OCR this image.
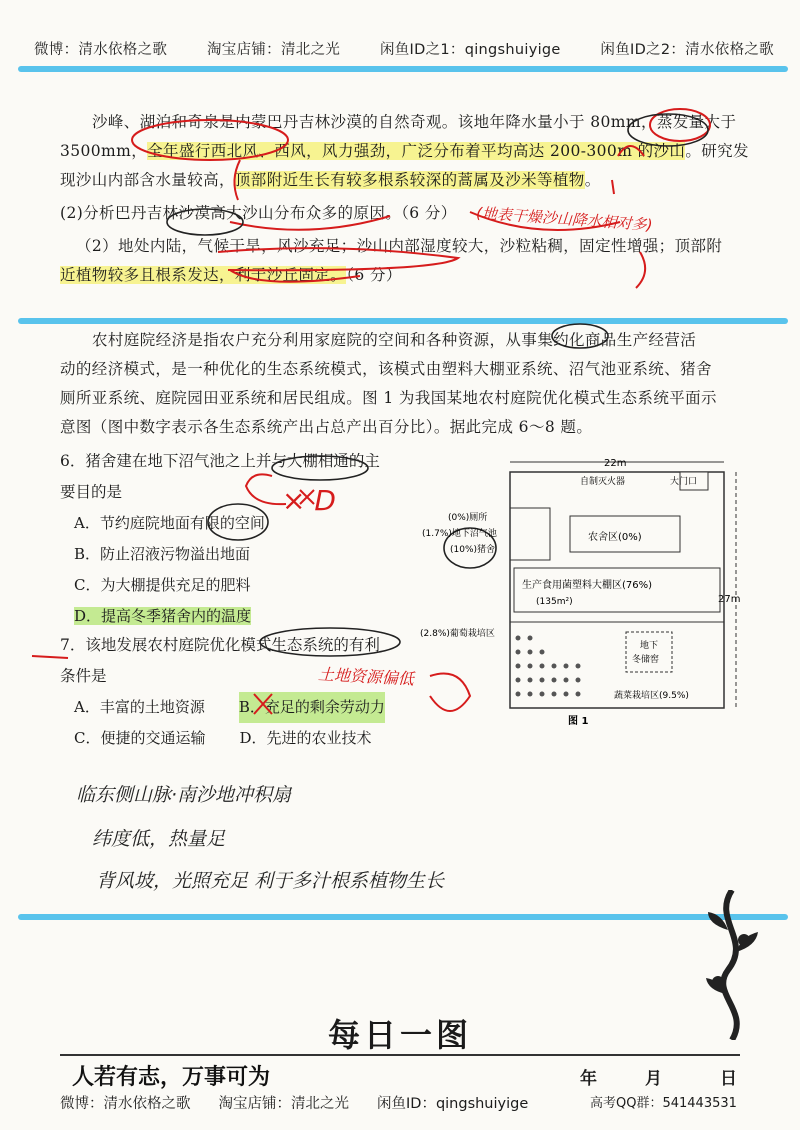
微博：清水依格之歌	淘宝店铺：清北之光	闲鱼ID之1：qingshuiyige	闲鱼ID之2：清水依格之歌

沙峰、湖泊和奇泉是内蒙巴丹吉林沙漠的自然奇观。该地年降水量小于 80mm，蒸发量大于

3500mm，全年盛行西北风、西风，风力强劲，广泛分布着平均高达 200-300m 的沙山。研究发

现沙山内部含水量较高，顶部附近生长有较多根系较深的蒿属及沙米等植物。

(2)分析巴丹吉林沙漠高大沙山分布众多的原因。（6 分）

（2）地处内陆，气候干旱，风沙充足；沙山内部湿度较大，沙粒粘稠，固定性增强；顶部附

近植物较多且根系发达，利于沙丘固定。（6 分）

(地表干燥沙山降水相对多)

农村庭院经济是指农户充分利用家庭院的空间和各种资源，从事集约化商品生产经营活

动的经济模式，是一种优化的生态系统模式，该模式由塑料大棚亚系统、沼气池亚系统、猪舍

厕所亚系统、庭院园田亚系统和居民组成。图 1 为我国某地农村庭院优化模式生态系统平面示

意图（图中数字表示各生态系统产出占总产出百分比）。据此完成 6～8 题。

6．猪舍建在地下沼气池之上并与大棚相通的主
要目的是
A．节约庭院地面有限的空间
B．防止沼液污物溢出地面
C．为大棚提供充足的肥料
D．提高冬季猪舍内的温度
× D
7．该地发展农村庭院优化模式生态系统的有利
条件是
A．丰富的土地资源 B．充足的剩余劳动力
C．便捷的交通运输 D．先进的农业技术
土地资源偏低
22m
27m
大门口
自制灭火器
农舍区(0%)
(0%)厕所
(1.7%)地下沼气池
(10%)猪舍
生产食用菌塑料大棚区(76%)
(135m²)
(2.8%)葡萄栽培区
地下
冬储窖
蔬菜栽培区(9.5%)
图 1
临东侧山脉·南沙地冲积扇
纬度低，热量足
背风坡，光照充足 利于多汁根系植物生长
每日一图
人若有志，万事可为
微博：清水依格之歌 淘宝店铺：清北之光 闲鱼ID：qingshuiyige
年	月	日
高考QQ群：541443531
